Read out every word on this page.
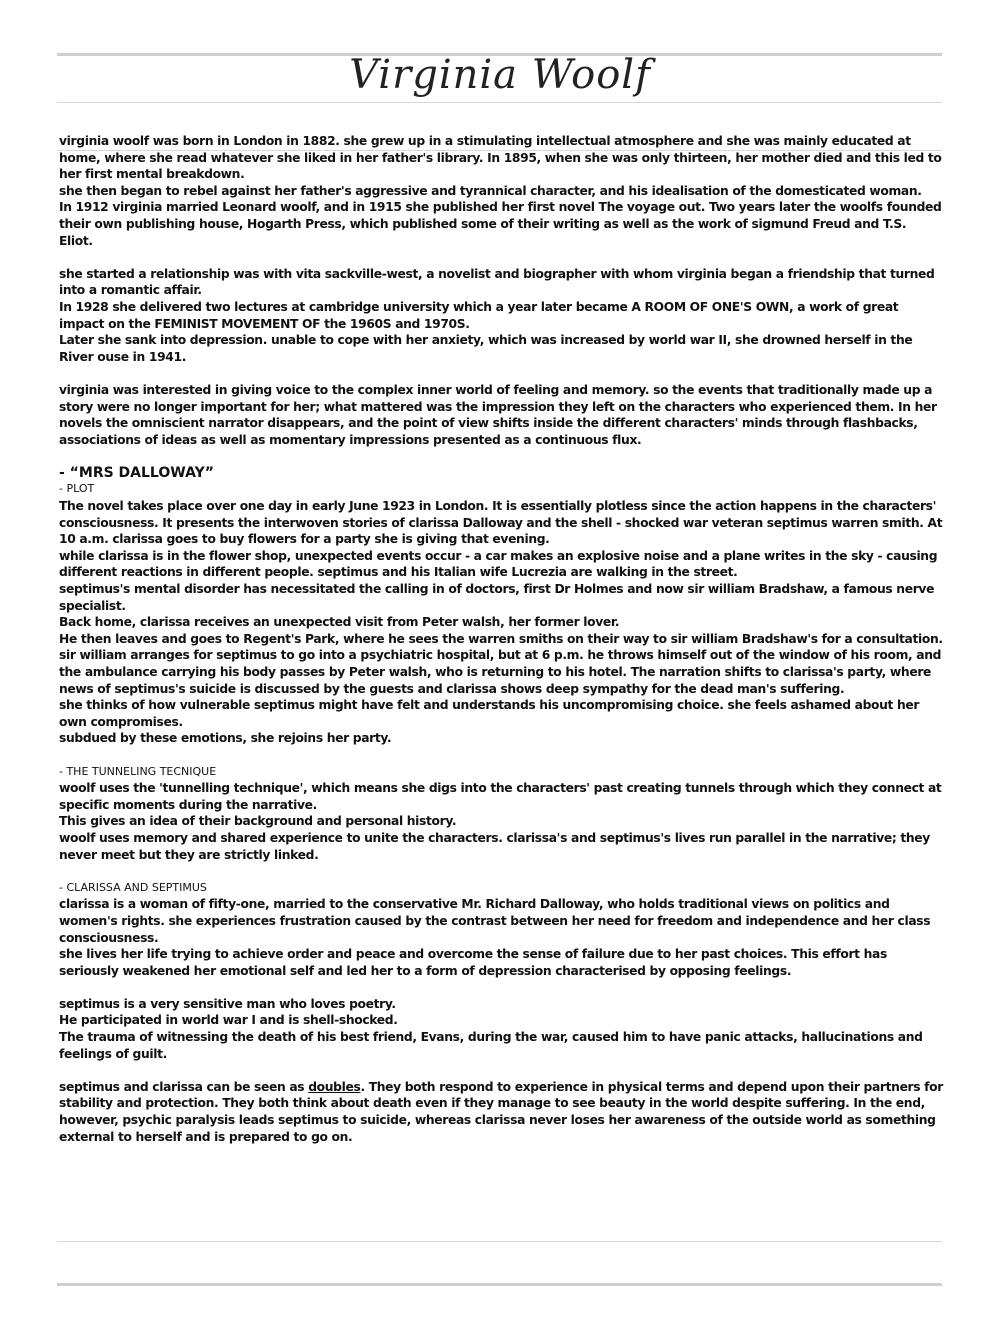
Virginia Woolf

virginia woolf was born in London in 1882. she grew up in a stimulating intellectual atmosphere and she was mainly educated at home, where she read whatever she liked in her father's library. In 1895, when she was only thirteen, her mother died and this led to her first mental breakdown.

she then began to rebel against her father's aggressive and tyrannical character, and his idealisation of the domesticated woman.

In 1912 virginia married Leonard woolf, and in 1915 she published her first novel The voyage out. Two years later the woolfs founded their own publishing house, Hogarth Press, which published some of their writing as well as the work of sigmund Freud and T.S. Eliot.

she started a relationship was with vita sackville-west, a novelist and biographer with whom virginia began a friendship that turned into a romantic affair.

In 1928 she delivered two lectures at cambridge university which a year later became A ROOM OF ONE'S OWN, a work of great impact on the FEMINIST MOVEMENT OF the 1960S and 1970S.

Later she sank into depression. unable to cope with her anxiety, which was increased by world war II, she drowned herself in the River ouse in 1941.

virginia was interested in giving voice to the complex inner world of feeling and memory. so the events that traditionally made up a story were no longer important for her; what mattered was the impression they left on the characters who experienced them. In her novels the omniscient narrator disappears, and the point of view shifts inside the different characters' minds through flashbacks, associations of ideas as well as momentary impressions presented as a continuous flux.

- “MRS DALLOWAY”

- PLOT

The novel takes place over one day in early June 1923 in London. It is essentially plotless since the action happens in the characters' consciousness. It presents the interwoven stories of clarissa Dalloway and the shell - shocked war veteran septimus warren smith. At 10 a.m. clarissa goes to buy flowers for a party she is giving that evening.

while clarissa is in the flower shop, unexpected events occur - a car makes an explosive noise and a plane writes in the sky - causing different reactions in different people. septimus and his Italian wife Lucrezia are walking in the street.

septimus's mental disorder has necessitated the calling in of doctors, first Dr Holmes and now sir william Bradshaw, a famous nerve specialist.

Back home, clarissa receives an unexpected visit from Peter walsh, her former lover.

He then leaves and goes to Regent's Park, where he sees the warren smiths on their way to sir william Bradshaw's for a consultation. sir william arranges for septimus to go into a psychiatric hospital, but at 6 p.m. he throws himself out of the window of his room, and the ambulance carrying his body passes by Peter walsh, who is returning to his hotel. The narration shifts to clarissa's party, where news of septimus's suicide is discussed by the guests and clarissa shows deep sympathy for the dead man's suffering.

she thinks of how vulnerable septimus might have felt and understands his uncompromising choice. she feels ashamed about her own compromises.

subdued by these emotions, she rejoins her party.

- THE TUNNELING TECNIQUE

woolf uses the 'tunnelling technique', which means she digs into the characters' past creating tunnels through which they connect at specific moments during the narrative.

This gives an idea of their background and personal history.

woolf uses memory and shared experience to unite the characters. clarissa's and septimus's lives run parallel in the narrative; they never meet but they are strictly linked.

- CLARISSA AND SEPTIMUS

clarissa is a woman of fifty-one, married to the conservative Mr. Richard Dalloway, who holds traditional views on politics and women's rights. she experiences frustration caused by the contrast between her need for freedom and independence and her class consciousness.

she lives her life trying to achieve order and peace and overcome the sense of failure due to her past choices. This effort has seriously weakened her emotional self and led her to a form of depression characterised by opposing feelings.

septimus is a very sensitive man who loves poetry.

He participated in world war I and is shell-shocked.

The trauma of witnessing the death of his best friend, Evans, during the war, caused him to have panic attacks, hallucinations and feelings of guilt.

septimus and clarissa can be seen as doubles. They both respond to experience in physical terms and depend upon their partners for stability and protection. They both think about death even if they manage to see beauty in the world despite suffering. In the end, however, psychic paralysis leads septimus to suicide, whereas clarissa never loses her awareness of the outside world as something external to herself and is prepared to go on.
